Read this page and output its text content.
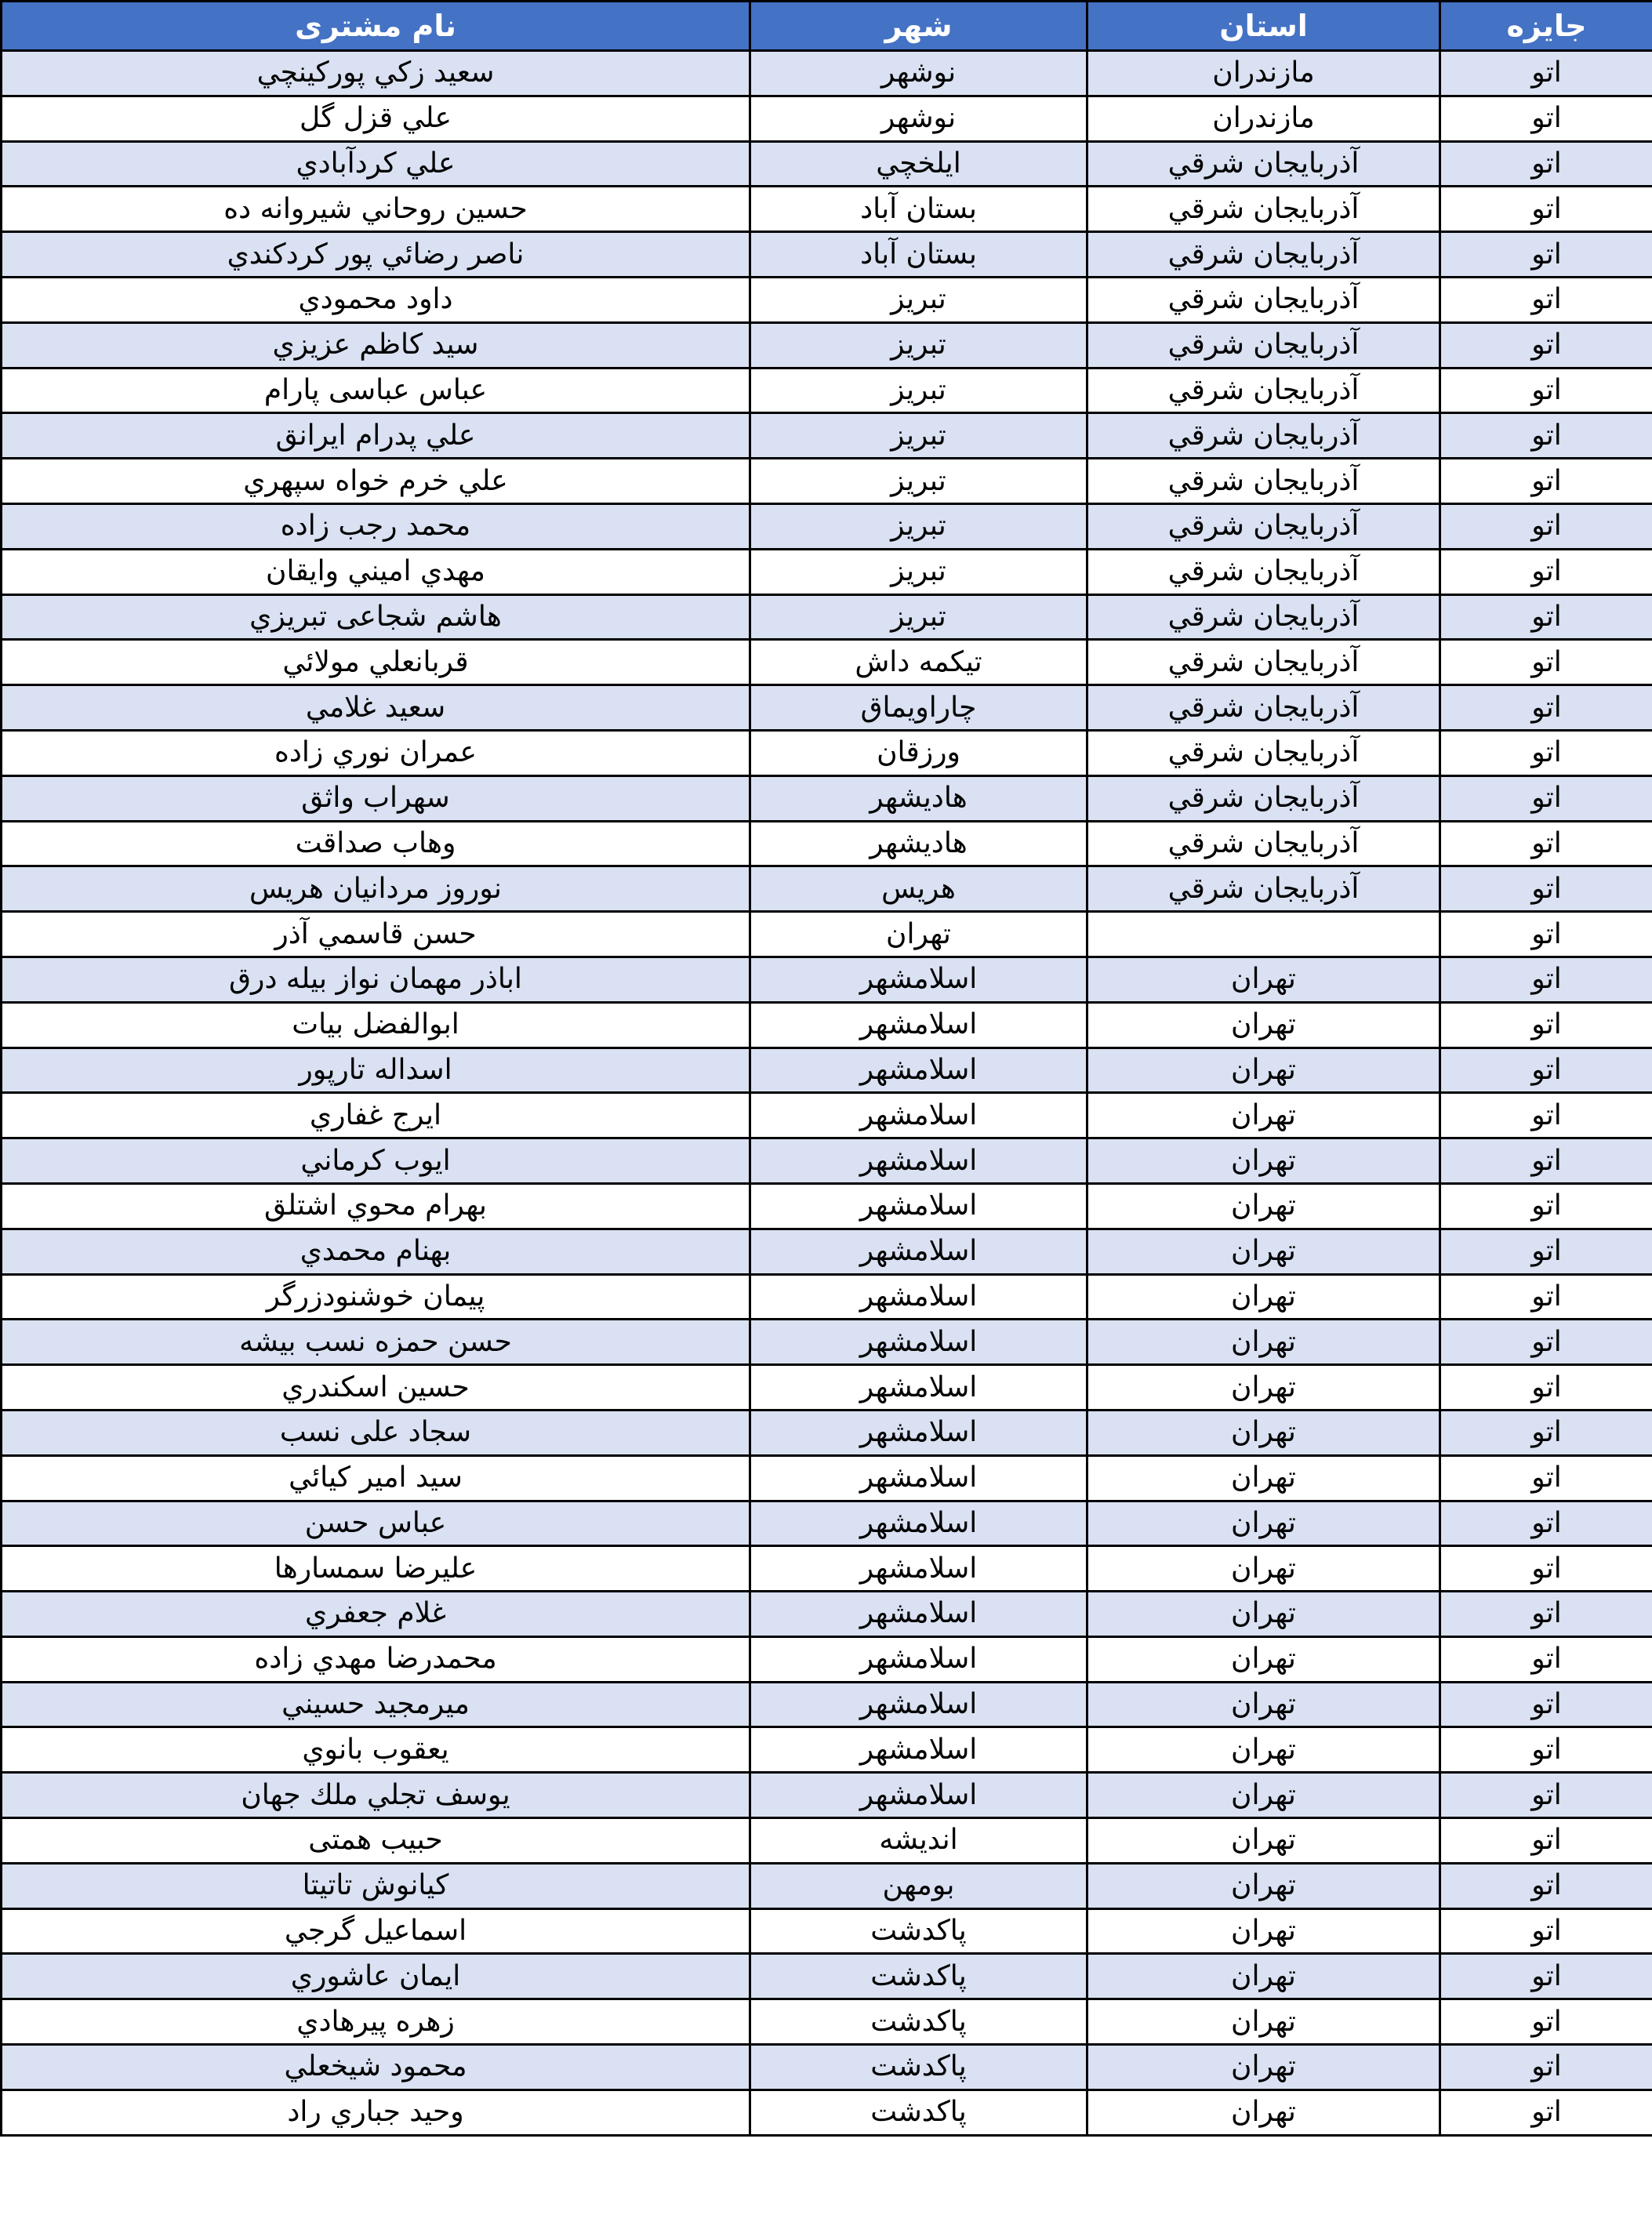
نام مشتری	شهر	استان	جایزه
سعيد زكي پوركينچي	نوشهر	مازندران	اتو
علي قزل گل	نوشهر	مازندران	اتو
علي كردآبادي	ايلخچي	آذربايجان شرقي	اتو
حسين روحاني شيروانه ده	بستان آباد	آذربايجان شرقي	اتو
ناصر رضائي پور كردكندي	بستان آباد	آذربايجان شرقي	اتو
داود محمودي	تبريز	آذربايجان شرقي	اتو
سيد كاظم عزيزي	تبريز	آذربايجان شرقي	اتو
عباس عباسی پارام	تبريز	آذربايجان شرقي	اتو
علي پدرام ايرانق	تبريز	آذربايجان شرقي	اتو
علي خرم خواه سپهري	تبريز	آذربايجان شرقي	اتو
محمد رجب زاده	تبريز	آذربايجان شرقي	اتو
مهدي اميني وايقان	تبريز	آذربايجان شرقي	اتو
هاشم شجاعی تبريزي	تبريز	آذربايجان شرقي	اتو
قربانعلي مولائي	تيكمه داش	آذربايجان شرقي	اتو
سعيد غلامي	چاراويماق	آذربايجان شرقي	اتو
عمران نوري زاده	ورزقان	آذربايجان شرقي	اتو
سهراب واثق	هاديشهر	آذربايجان شرقي	اتو
وهاب صداقت	هاديشهر	آذربايجان شرقي	اتو
نوروز مردانيان هريس	هريس	آذربايجان شرقي	اتو
حسن قاسمي آذر	تهران		اتو
اباذر مهمان نواز بيله درق	اسلامشهر	تهران	اتو
ابوالفضل بيات	اسلامشهر	تهران	اتو
اسداله تارپور	اسلامشهر	تهران	اتو
ايرج غفاري	اسلامشهر	تهران	اتو
ايوب كرماني	اسلامشهر	تهران	اتو
بهرام محوي اشتلق	اسلامشهر	تهران	اتو
بهنام محمدي	اسلامشهر	تهران	اتو
پيمان خوشنودزرگر	اسلامشهر	تهران	اتو
حسن حمزه نسب بيشه	اسلامشهر	تهران	اتو
حسين اسكندري	اسلامشهر	تهران	اتو
سجاد علی نسب	اسلامشهر	تهران	اتو
سيد امير كيائي	اسلامشهر	تهران	اتو
عباس حسن	اسلامشهر	تهران	اتو
عليرضا سمسارها	اسلامشهر	تهران	اتو
غلام جعفري	اسلامشهر	تهران	اتو
محمدرضا مهدي زاده	اسلامشهر	تهران	اتو
ميرمجيد حسيني	اسلامشهر	تهران	اتو
يعقوب بانوي	اسلامشهر	تهران	اتو
يوسف تجلي ملك جهان	اسلامشهر	تهران	اتو
حبيب همتی	انديشه	تهران	اتو
كيانوش تاتيتا	بومهن	تهران	اتو
اسماعيل گرجي	پاكدشت	تهران	اتو
ايمان عاشوري	پاكدشت	تهران	اتو
زهره پيرهادي	پاكدشت	تهران	اتو
محمود شيخعلي	پاكدشت	تهران	اتو
وحيد جباري راد	پاكدشت	تهران	اتو
